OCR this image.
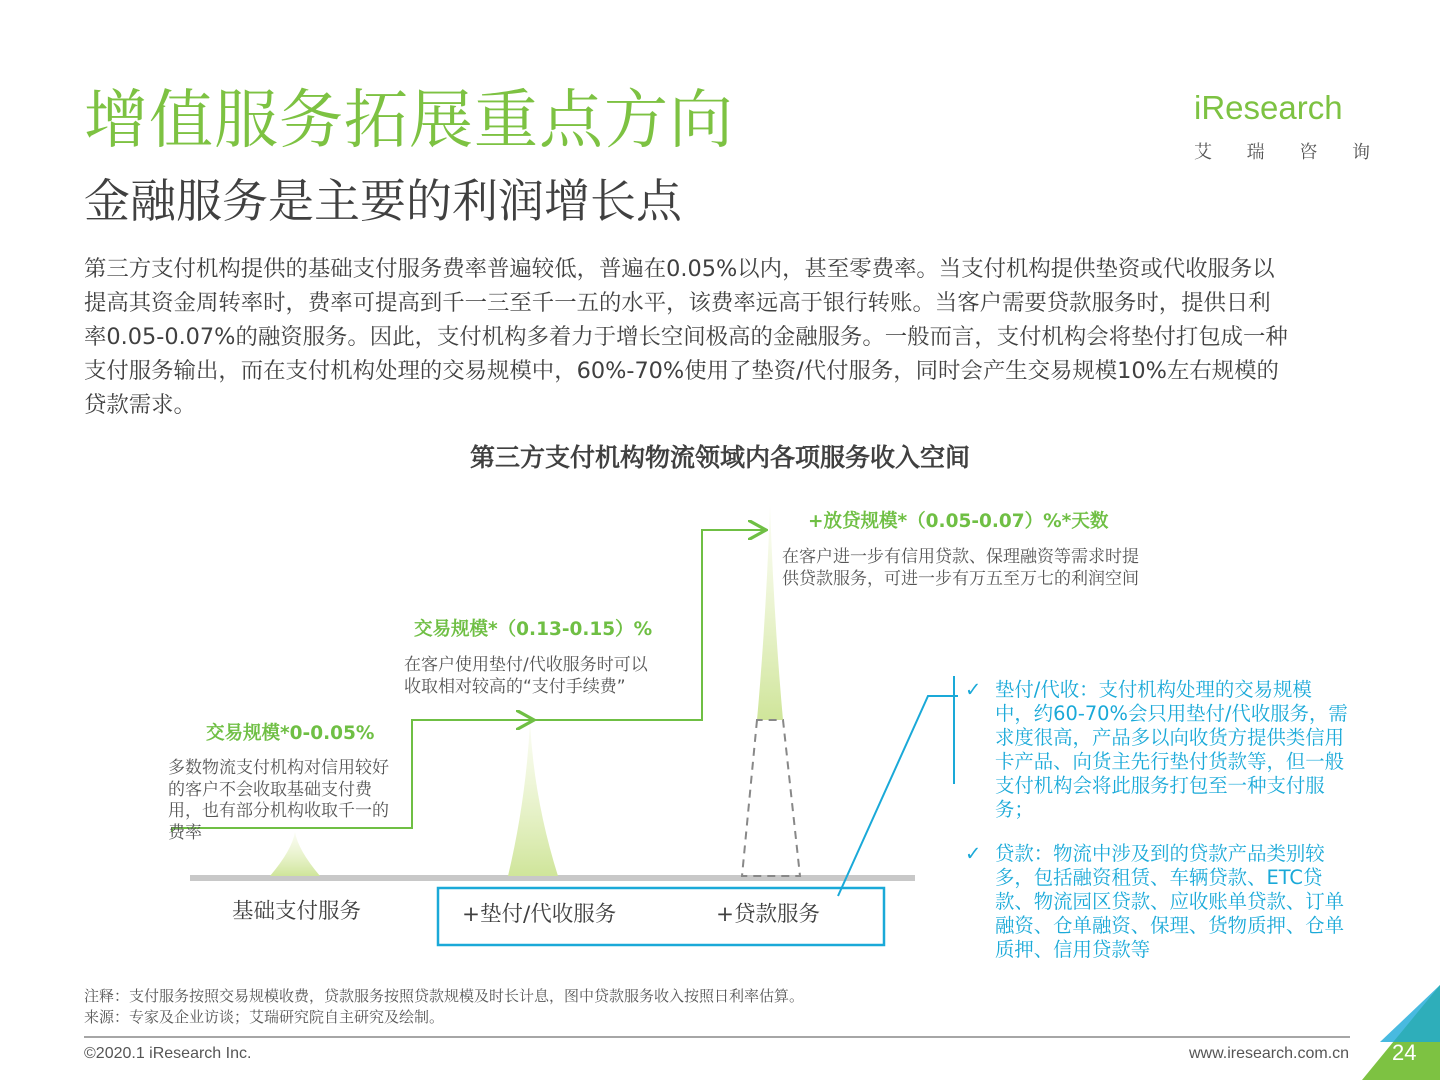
增值服务拓展重点方向
金融服务是主要的利润增长点
iResearch
艾 瑞 咨 询
第三方支付机构提供的基础支付服务费率普遍较低，普遍在0.05%以内，甚至零费率。当支付机构提供垫资或代收服务以
提高其资金周转率时，费率可提高到千一三至千一五的水平，该费率远高于银行转账。当客户需要贷款服务时，提供日利
率0.05-0.07%的融资服务。因此，支付机构多着力于增长空间极高的金融服务。一般而言，支付机构会将垫付打包成一种
支付服务输出，而在支付机构处理的交易规模中，60%-70%使用了垫资/代付服务，同时会产生交易规模10%左右规模的
贷款需求。
第三方支付机构物流领域内各项服务收入空间
交易规模*0-0.05%
多数物流支付机构对信用较好
的客户不会收取基础支付费
用，也有部分机构收取千一的
费率
交易规模*（0.13-0.15）%
在客户使用垫付/代收服务时可以
收取相对较高的“支付手续费”
+放贷规模*（0.05-0.07）%*天数
在客户进一步有信用贷款、保理融资等需求时提
供贷款服务，可进一步有万五至万七的利润空间
基础支付服务	+垫付/代收服务	+贷款服务
✓ 垫付/代收：支付机构处理的交易规模
中，约60-70%会只用垫付/代收服务，需
求度很高，产品多以向收货方提供类信用
卡产品、向货主先行垫付货款等，但一般
支付机构会将此服务打包至一种支付服
务；
✓ 贷款：物流中涉及到的贷款产品类别较
多，包括融资租赁、车辆贷款、ETC贷
款、物流园区贷款、应收账单贷款、订单
融资、仓单融资、保理、货物质押、仓单
质押、信用贷款等
注释：支付服务按照交易规模收费，贷款服务按照贷款规模及时长计息，图中贷款服务收入按照日利率估算。
来源：专家及企业访谈；艾瑞研究院自主研究及绘制。
©2020.1 iResearch Inc.	www.iresearch.com.cn 24
